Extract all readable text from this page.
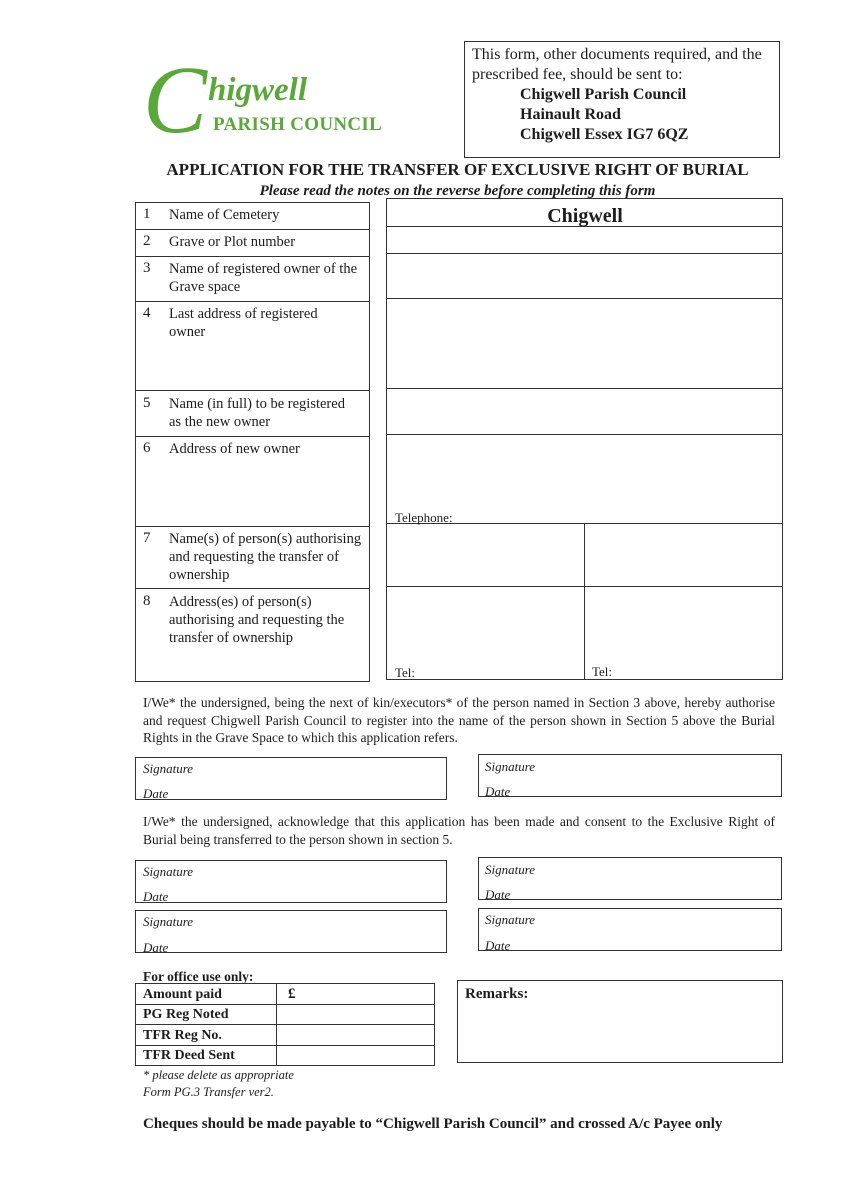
C higwell
PARISH COUNCIL
This form, other documents required, and the prescribed fee, should be sent to:
Chigwell Parish Council
Hainault Road
Chigwell Essex IG7 6QZ
APPLICATION FOR THE TRANSFER OF EXCLUSIVE RIGHT OF BURIAL
Please read the notes on the reverse before completing this form
1 Name of Cemetery
2 Grave or Plot number
3 Name of registered owner of the Grave space
4 Last address of registered owner
5 Name (in full) to be registered as the new owner
6 Address of new owner
7 Name(s) of person(s) authorising and requesting the transfer of ownership
8 Address(es) of person(s) authorising and requesting the transfer of ownership
Chigwell
Telephone:
Tel:	Tel:
I/We* the undersigned, being the next of kin/executors* of the person named in Section 3 above, hereby authorise and request Chigwell Parish Council to register into the name of the person shown in Section 5 above the Burial Rights in the Grave Space to which this application refers.
Signature
Date
Signature
Date
I/We* the undersigned, acknowledge that this application has been made and consent to the Exclusive Right of Burial being transferred to the person shown in section 5.
Signature
Date
Signature
Date
Signature
Date
Signature
Date
For office use only:
Amount paid
PG Reg Noted
TFR Reg No.
TFR Deed Sent
£	Remarks:
* please delete as appropriate
Form PG.3 Transfer ver2.
Cheques should be made payable to “Chigwell Parish Council” and crossed A/c Payee only
